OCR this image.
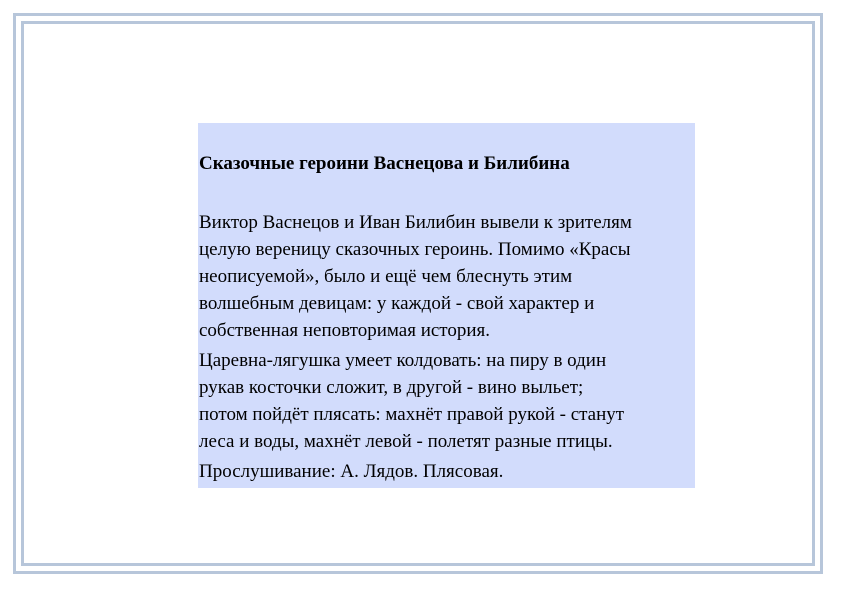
Сказочные героини Васнецова и Билибина
Виктор Васнецов и Иван Билибин вывели к зрителям
целую вереницу сказочных героинь. Помимо «Красы
неописуемой», было и ещё чем блеснуть этим
волшебным девицам: у каждой - свой характер и
собственная неповторимая история.
Царевна-лягушка умеет колдовать: на пиру в один
рукав косточки сложит, в другой - вино выльет;
потом пойдёт плясать: махнёт правой рукой - станут
леса и воды, махнёт левой - полетят разные птицы.
Прослушивание: А. Лядов. Плясовая.
